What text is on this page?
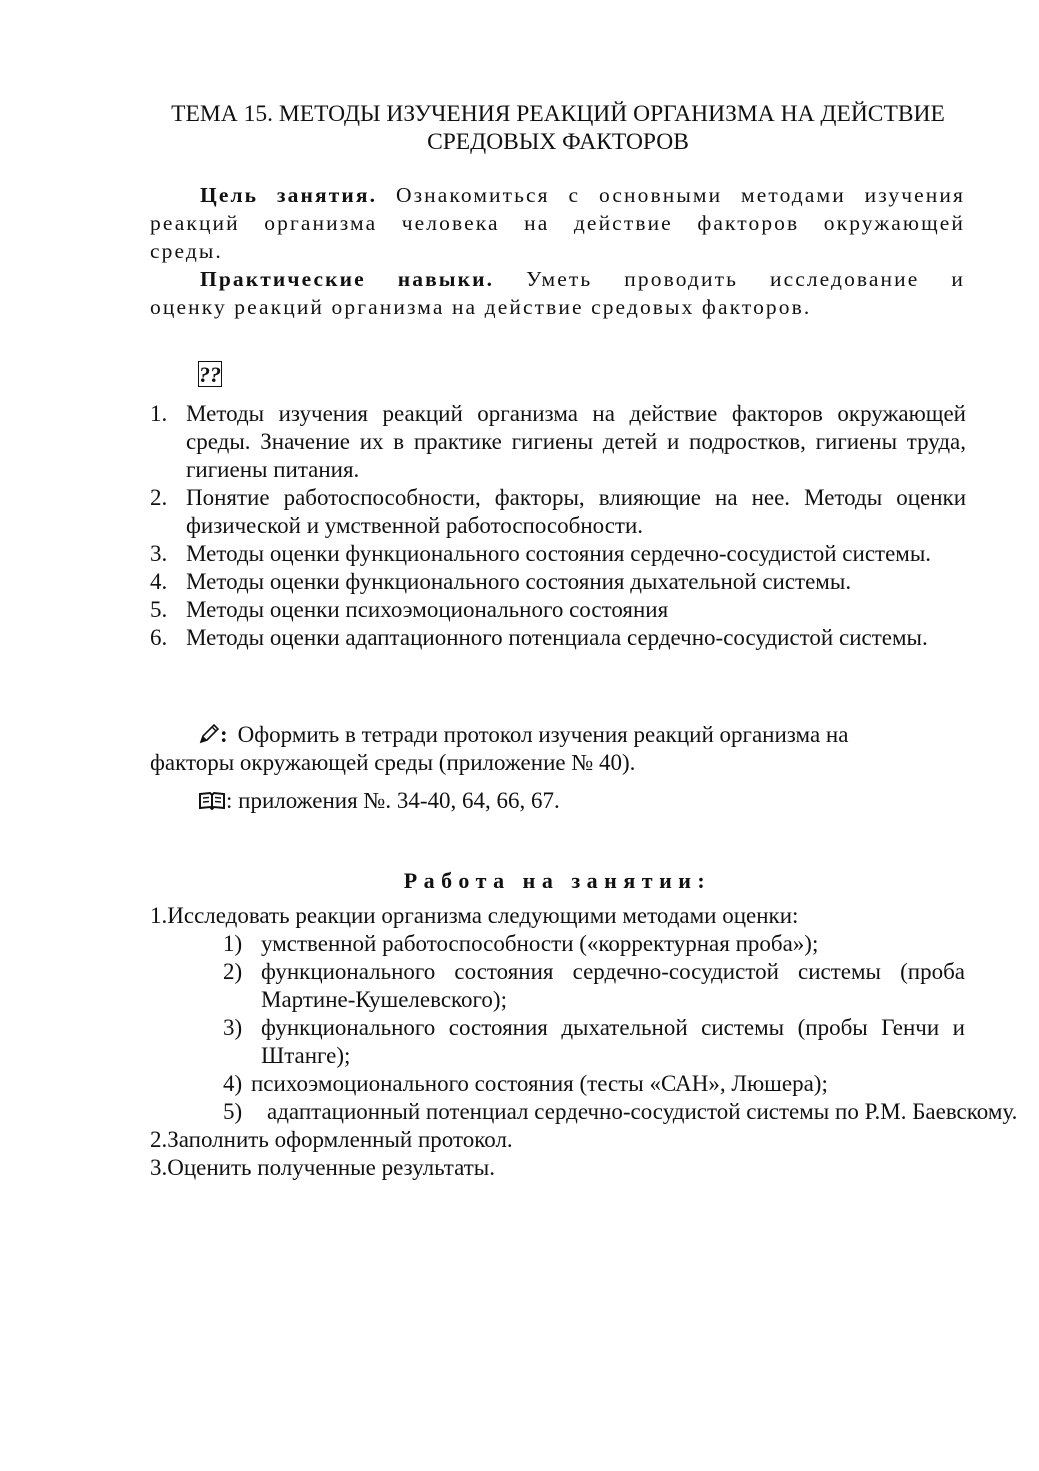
ТЕМА 15. МЕТОДЫ ИЗУЧЕНИЯ РЕАКЦИЙ ОРГАНИЗМА НА ДЕЙСТВИЕ
СРЕДОВЫХ ФАКТОРОВ
Цель занятия. Ознакомиться с основными методами изучения
реакций организма человека на действие факторов окружающей
среды.
Практические навыки. Уметь проводить исследование и
оценку реакций организма на действие средовых факторов.
??
1. Методы изучения реакций организма на действие факторов окружающей среды. Значение их в практике гигиены детей и подростков, гигиены труда, гигиены питания.
2. Понятие работоспособности, факторы, влияющие на нее. Методы оценки физической и умственной работоспособности.
3. Методы оценки функционального состояния сердечно-сосудистой системы.
4. Методы оценки функционального состояния дыхательной системы.
5. Методы оценки психоэмоционального состояния
6. Методы оценки адаптационного потенциала сердечно-сосудистой системы.
: Оформить в тетради протокол изучения реакций организма на
факторы окружающей среды (приложение № 40).
: приложения №. 34-40, 64, 66, 67.
Работа на занятии:
1.Исследовать реакции организма следующими методами оценки:
1) умственной работоспособности («корректурная проба»);
2) функционального состояния сердечно-сосудистой системы (проба Мартине-Кушелевского);
3) функционального состояния дыхательной системы (пробы Генчи и Штанге);
4) психоэмоционального состояния (тесты «САН», Люшера);
5) адаптационный потенциал сердечно-сосудистой системы по Р.М. Баевскому.
2.Заполнить оформленный протокол.
3.Оценить полученные результаты.
